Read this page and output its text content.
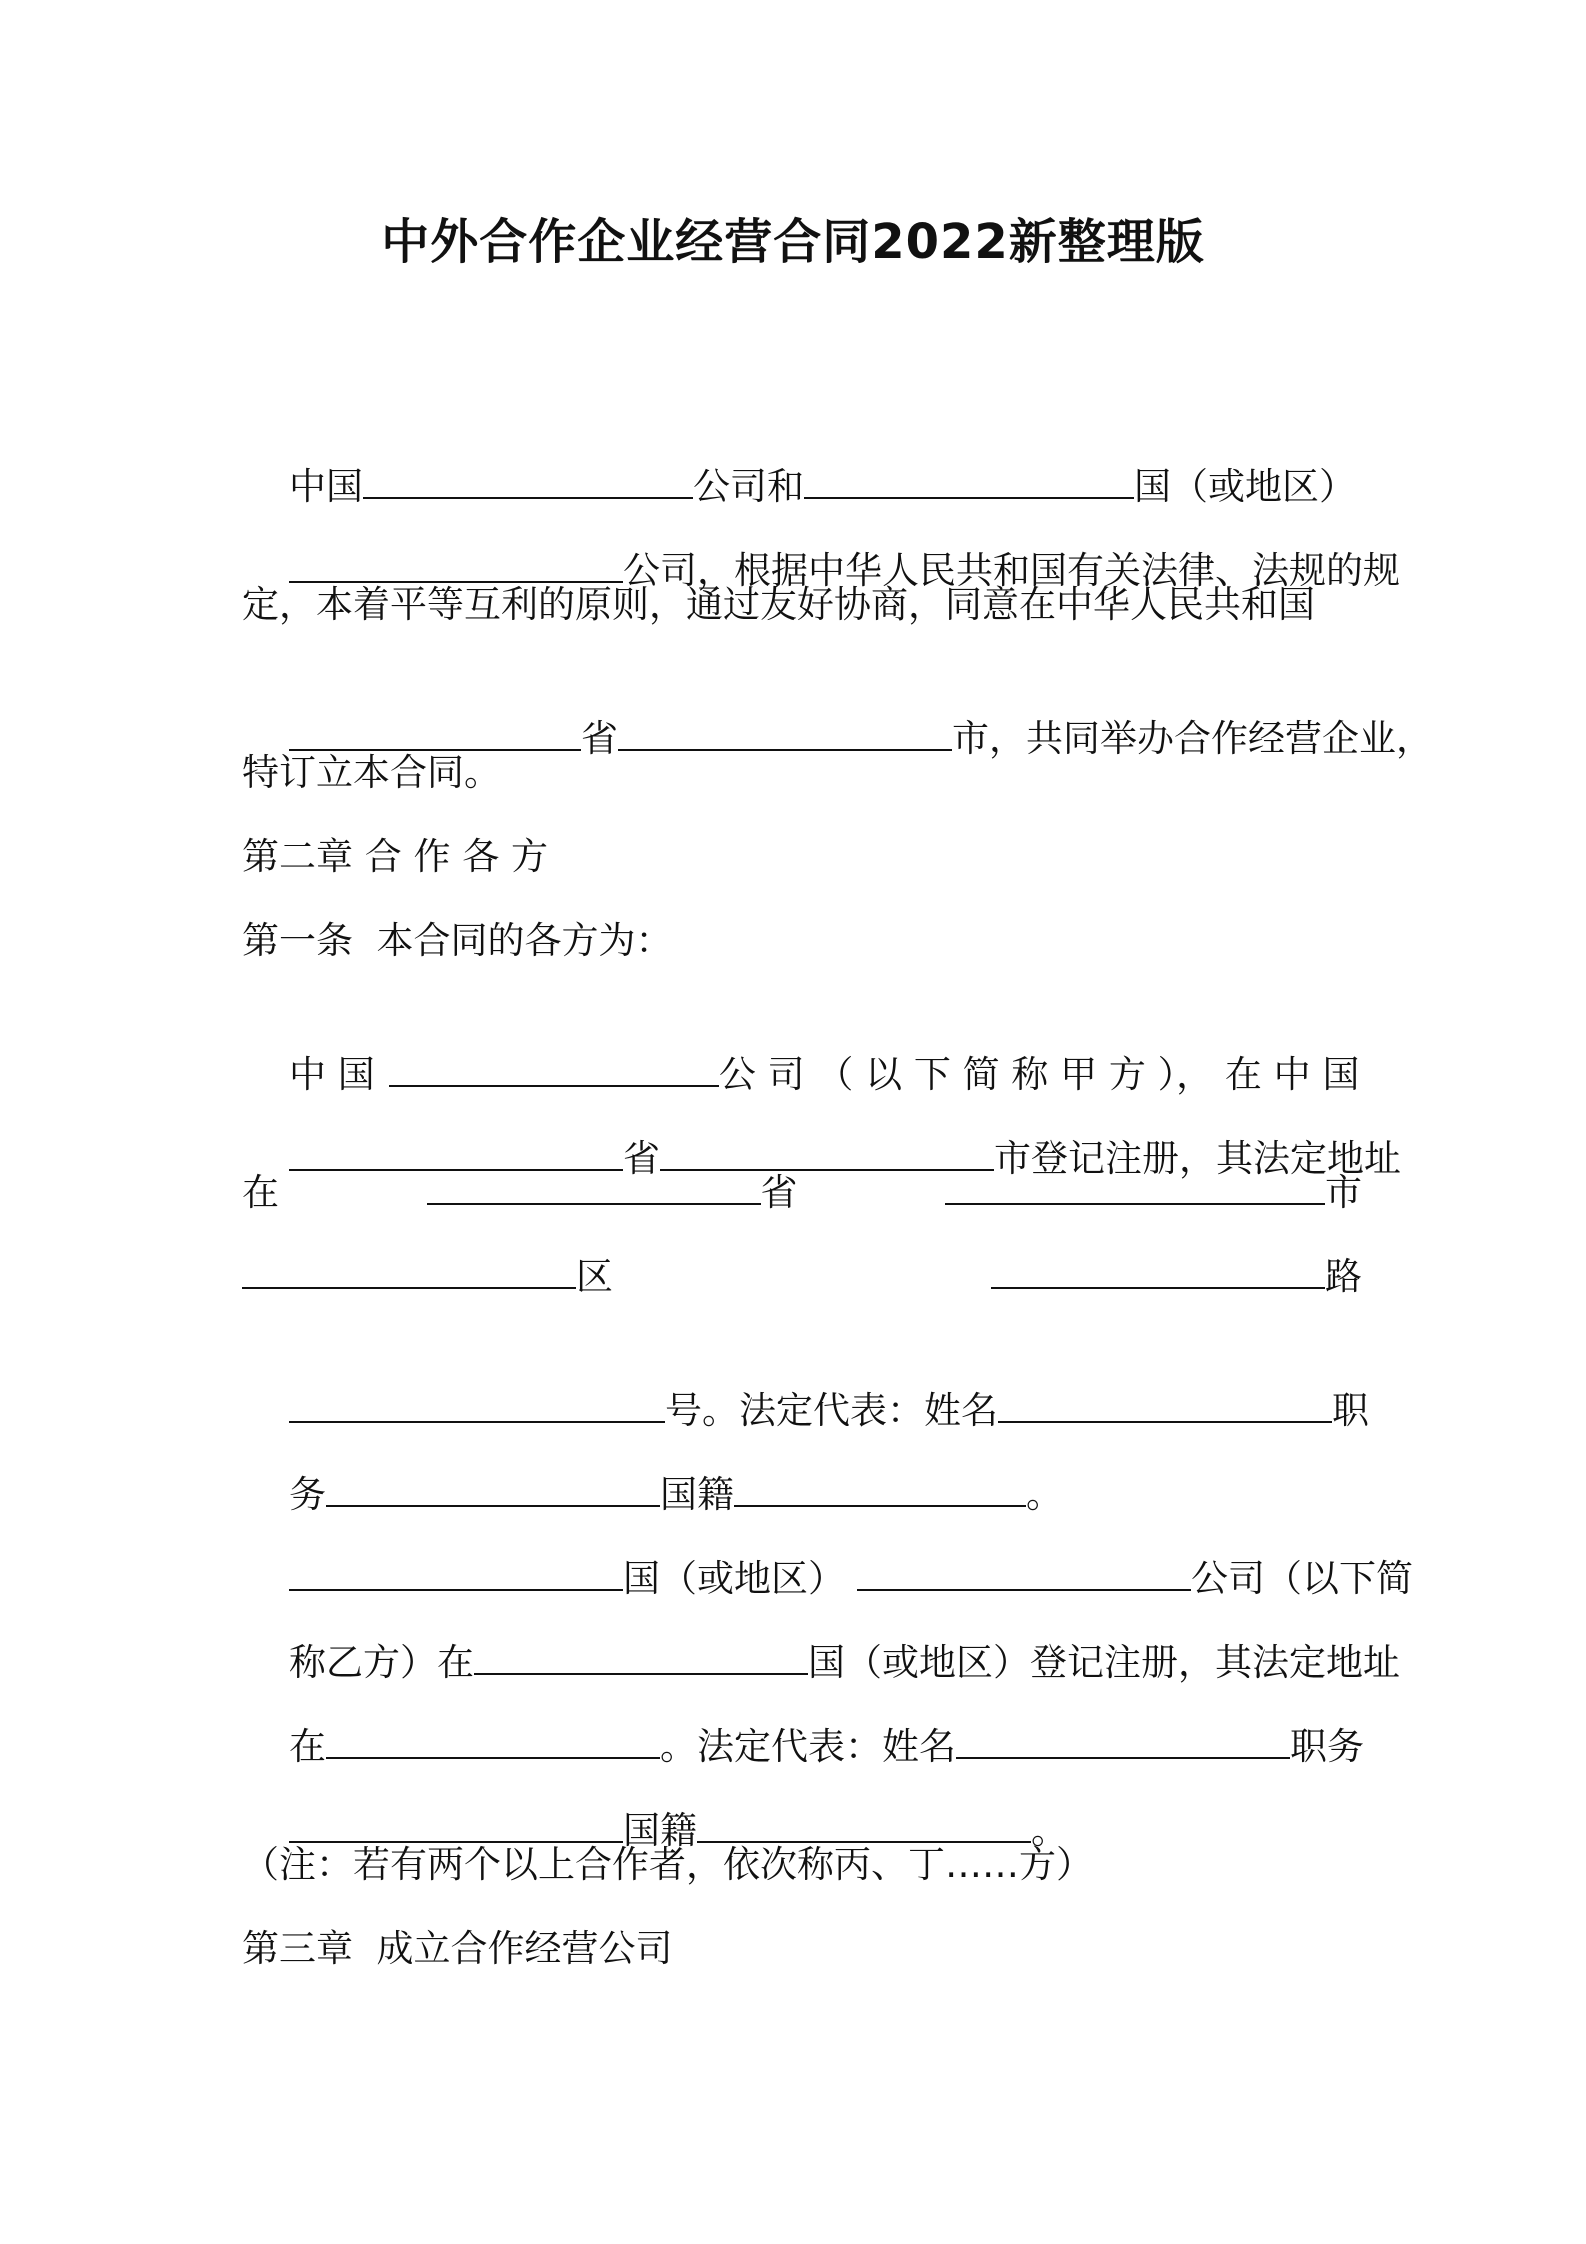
中外合作企业经营合同2022新整理版

中国	公司和	国（或地区）

公司，根据中华人民共和国有关法律、法规的规

定，本着平等互利的原则，通过友好协商，同意在中华人民共和国

省	市，共同举办合作经营企业，

特订立本合同。
第二章 合 作 各 方
第一条  本合同的各方为：

中 国	公 司 （ 以 下 简 称 甲 方 ）， 在 中 国

省	市登记注册，其法定地址

在	省	市
区	路

号。法定代表：姓名	职

务	国籍	。

国（或地区）	公司（以下简

称乙方）在	国（或地区）登记注册，其法定地址

在	。法定代表：姓名	职务

国籍	。

（注：若有两个以上合作者，依次称丙、丁……方）
第三章  成立合作经营公司
